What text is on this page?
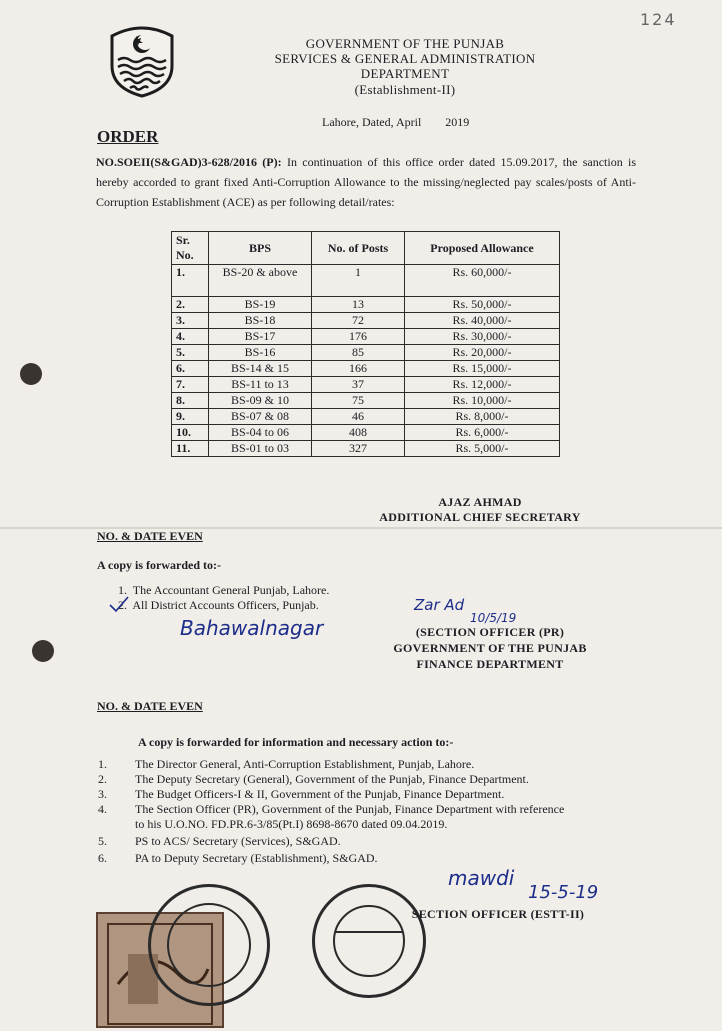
124
GOVERNMENT OF THE PUNJAB
SERVICES & GENERAL ADMINISTRATION
DEPARTMENT
(Establishment-II)
Lahore, Dated, April        2019
ORDER
NO.SOEII(S&GAD)3-628/2016 (P): In continuation of this office order dated 15.09.2017, the sanction is hereby accorded to grant fixed Anti-Corruption Allowance to the missing/neglected pay scales/posts of Anti-Corruption Establishment (ACE) as per following detail/rates:
Sr. No.	BPS	No. of Posts	Proposed Allowance
1.	BS-20 & above	1	Rs. 60,000/-
2.	BS-19	13	Rs. 50,000/-
3.	BS-18	72	Rs. 40,000/-
4.	BS-17	176	Rs. 30,000/-
5.	BS-16	85	Rs. 20,000/-
6.	BS-14 & 15	166	Rs. 15,000/-
7.	BS-11 to 13	37	Rs. 12,000/-
8.	BS-09 & 10	75	Rs. 10,000/-
9.	BS-07 & 08	46	Rs. 8,000/-
10.	BS-04 to 06	408	Rs. 6,000/-
11.	BS-01 to 03	327	Rs. 5,000/-
AJAZ AHMAD
ADDITIONAL CHIEF SECRETARY
NO. & DATE EVEN
A copy is forwarded to:-
1.  The Accountant General Punjab, Lahore.
2.  All District Accounts Officers, Punjab.
Bahawalnagar
Zar Ad
10/5/19
(SECTION OFFICER (PR)
GOVERNMENT OF THE PUNJAB
FINANCE DEPARTMENT
NO. & DATE EVEN
A copy is forwarded for information and necessary action to:-
1. The Director General, Anti-Corruption Establishment, Punjab, Lahore.
2. The Deputy Secretary (General), Government of the Punjab, Finance Department.
3. The Budget Officers-I & II, Government of the Punjab, Finance Department.
4. The Section Officer (PR), Government of the Punjab, Finance Department with reference
to his U.O.NO. FD.PR.6-3/85(Pt.I) 8698-8670 dated 09.04.2019.
5. PS to ACS/ Secretary (Services), S&GAD.
6. PA to Deputy Secretary (Establishment), S&GAD.
mawdi
15-5-19
SECTION OFFICER (ESTT-II)
